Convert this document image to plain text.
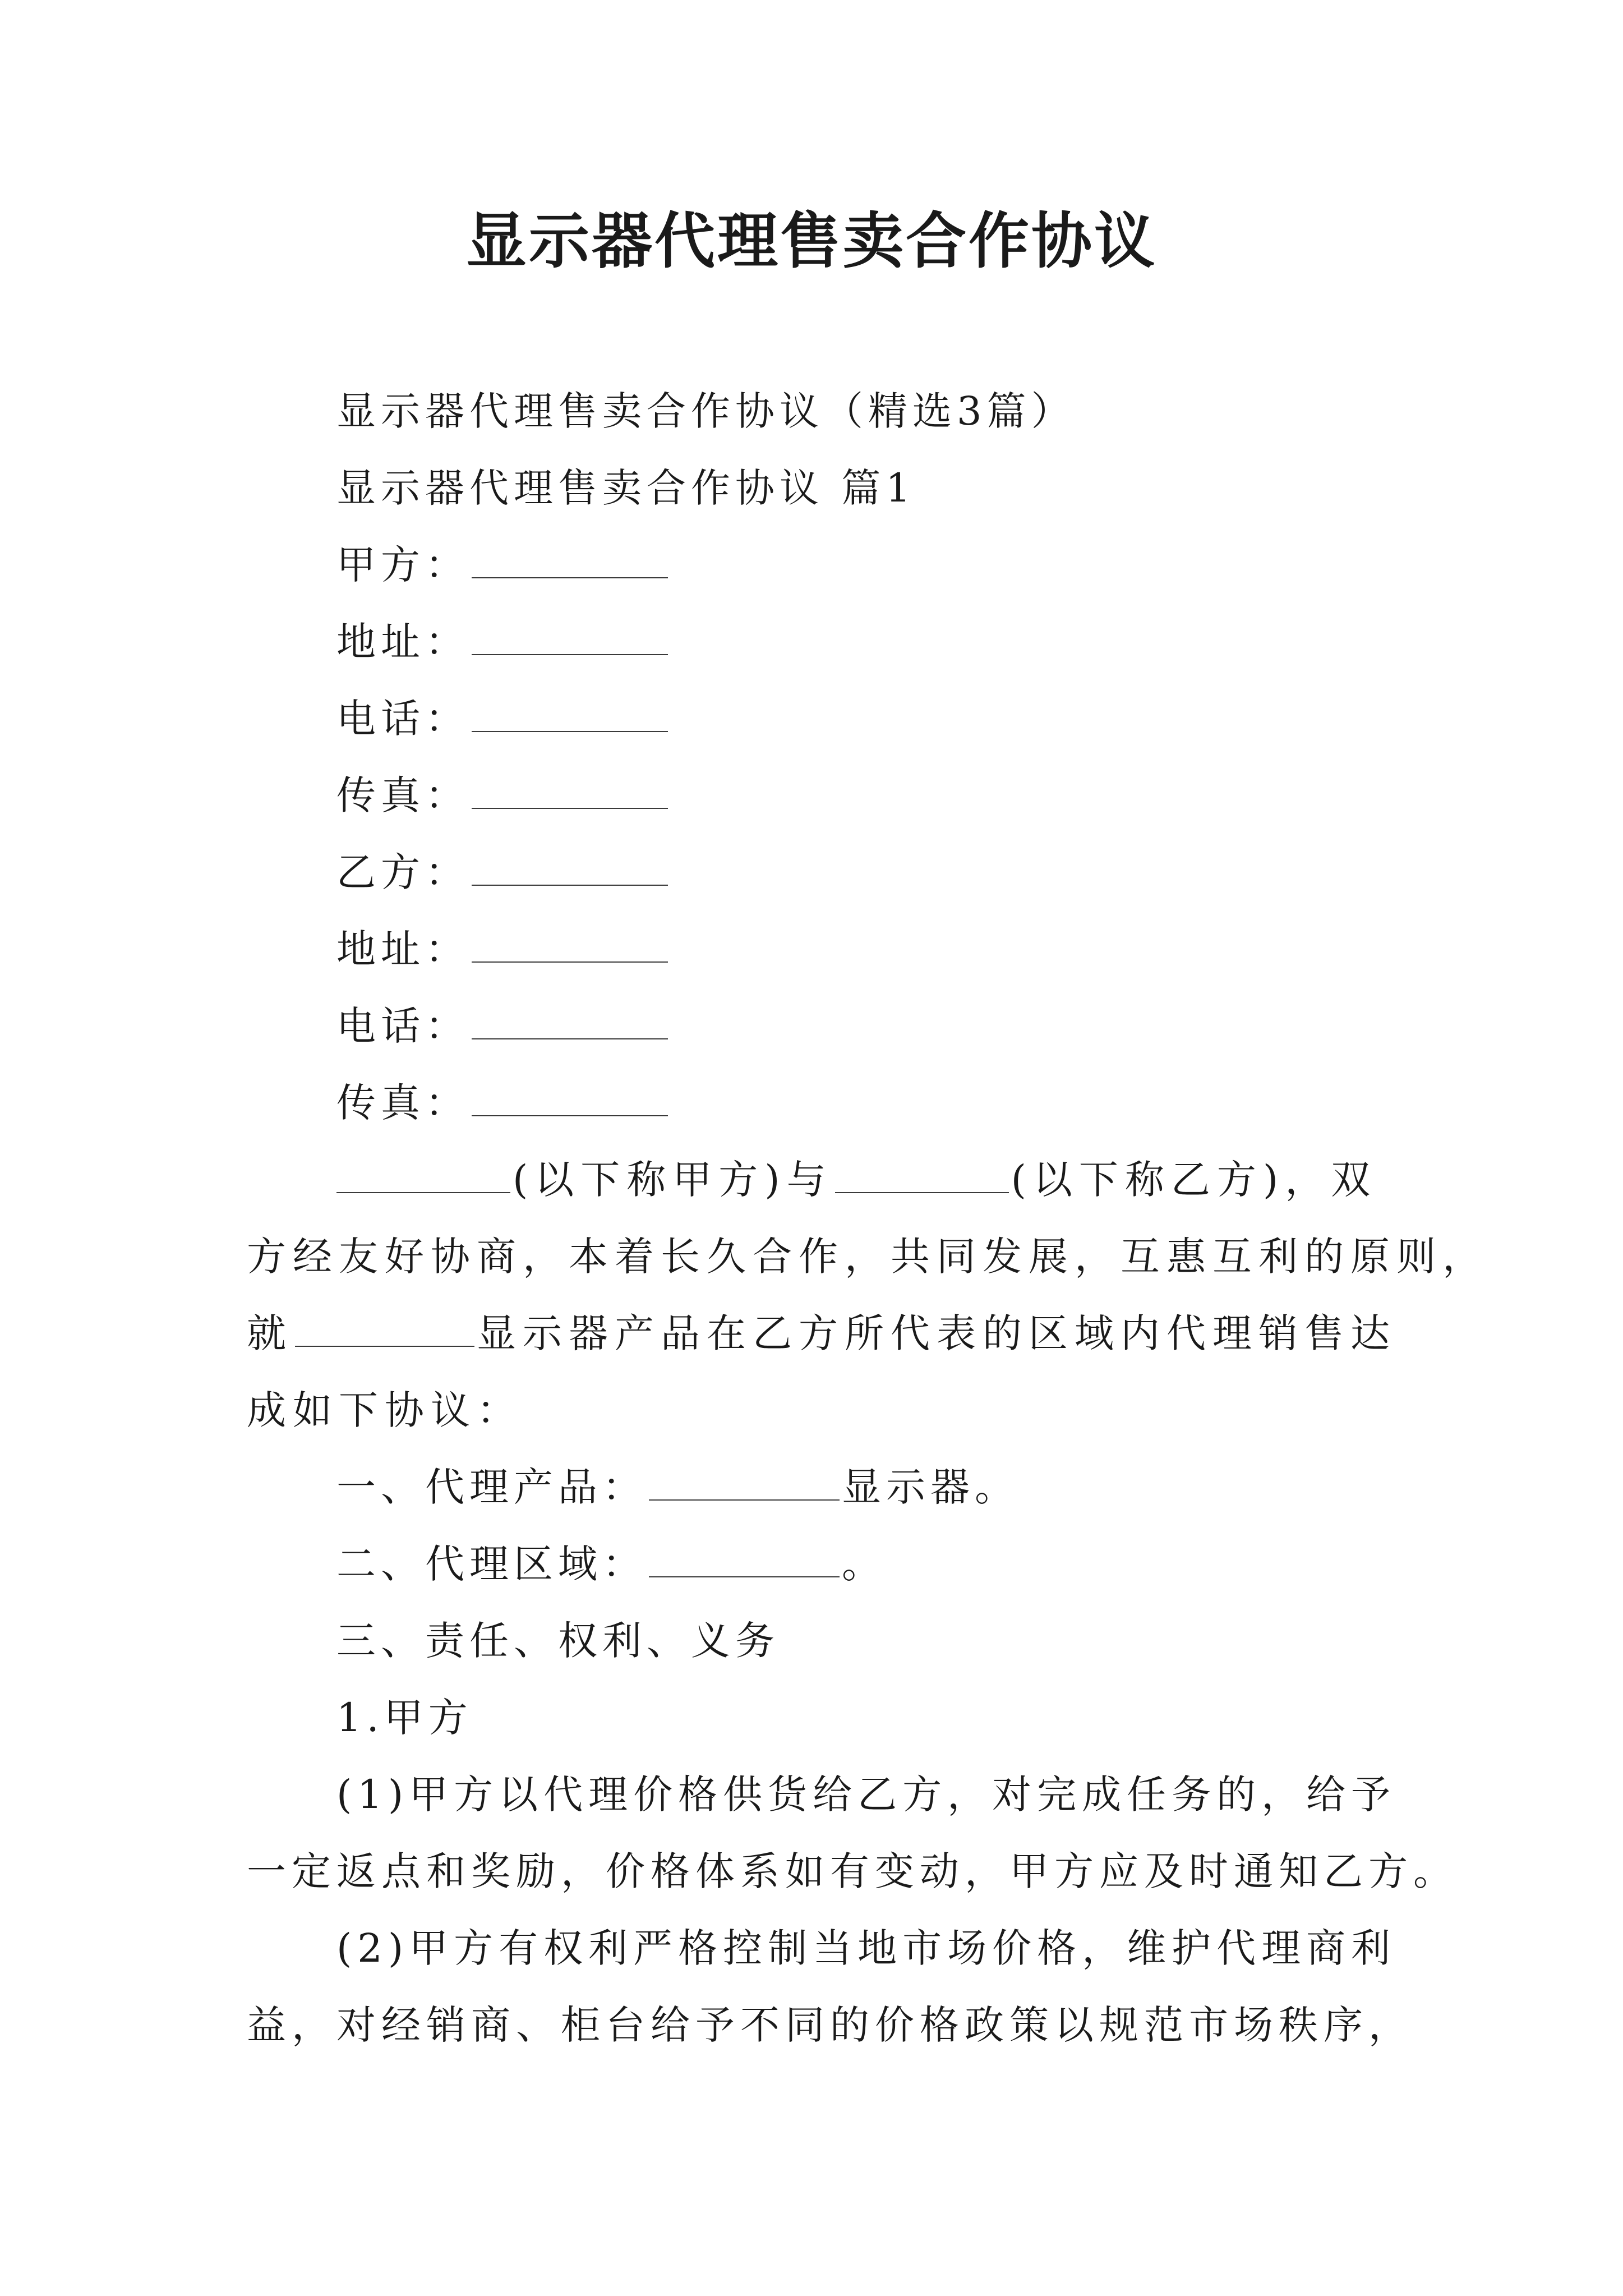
显示器代理售卖合作协议
显示器代理售卖合作协议（精选3篇）
显示器代理售卖合作协议 篇1
甲方：
地址：
电话：
传真：
乙方：
地址：
电话：
传真：
(以下称甲方)与	(以下称乙方)，双
方经友好协商，本着长久合作，共同发展，互惠互利的原则，
就	显示器产品在乙方所代表的区域内代理销售达
成如下协议：
一、代理产品：	显示器。
二、代理区域：	。
三、责任、权利、义务
1.甲方
(1)甲方以代理价格供货给乙方，对完成任务的，给予
一定返点和奖励，价格体系如有变动，甲方应及时通知乙方。
(2)甲方有权利严格控制当地市场价格，维护代理商利
益，对经销商、柜台给予不同的价格政策以规范市场秩序，
